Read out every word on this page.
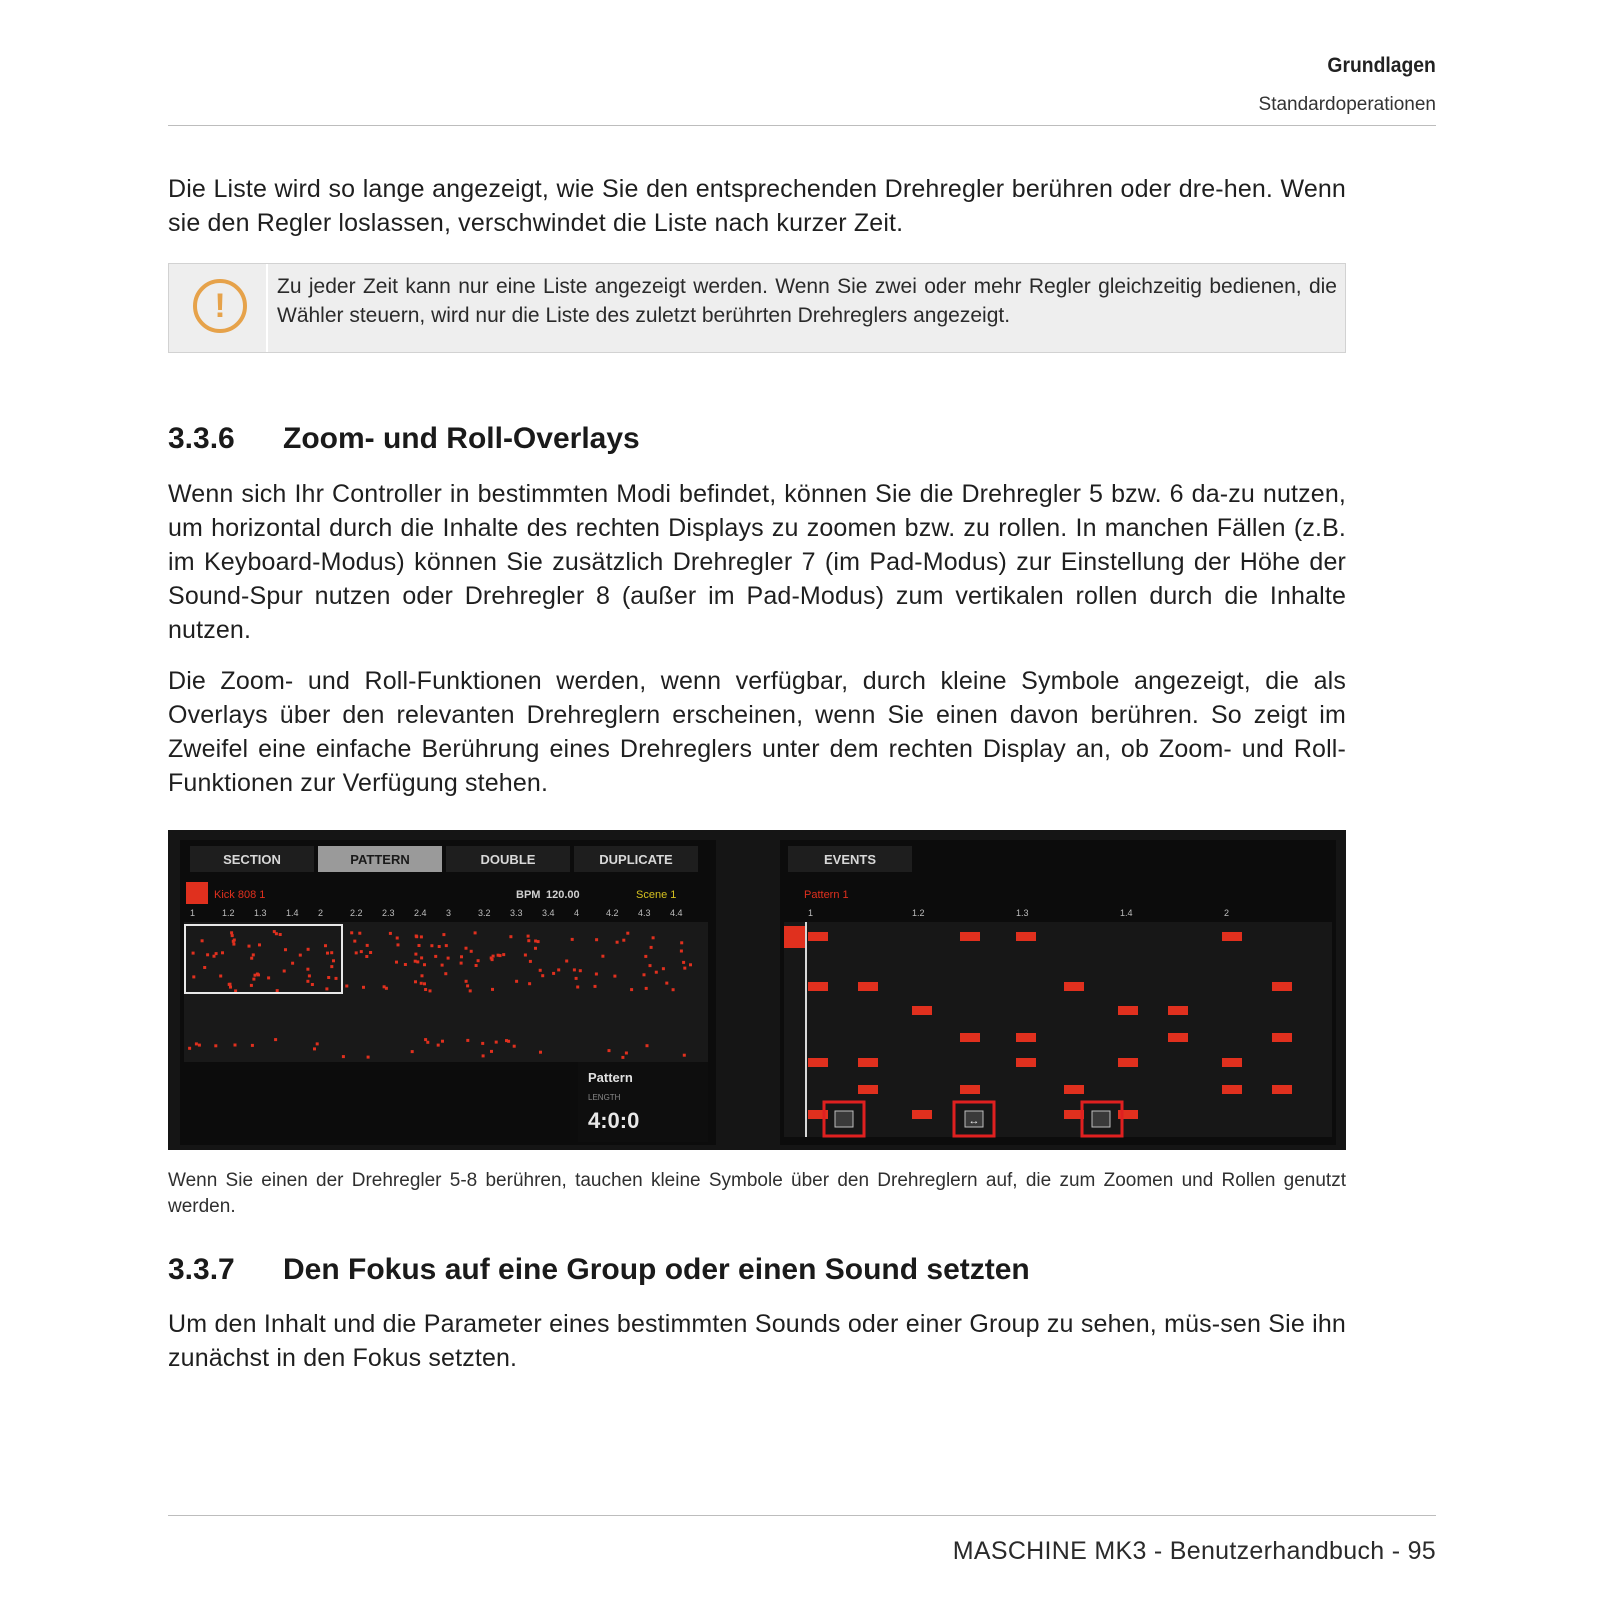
Grundlagen
Standardoperationen

Die Liste wird so lange angezeigt, wie Sie den entsprechenden Drehregler berühren oder dre-hen. Wenn sie den Regler loslassen, verschwindet die Liste nach kurzer Zeit.

!
Zu jeder Zeit kann nur eine Liste angezeigt werden. Wenn Sie zwei oder mehr Regler gleichzeitig bedienen, die Wähler steuern, wird nur die Liste des zuletzt berührten Drehreglers angezeigt.
3.3.6 Zoom- und Roll-Overlays

Wenn sich Ihr Controller in bestimmten Modi befindet, können Sie die Drehregler 5 bzw. 6 da-zu nutzen, um horizontal durch die Inhalte des rechten Displays zu zoomen bzw. zu rollen. In manchen Fällen (z.B. im Keyboard-Modus) können Sie zusätzlich Drehregler 7 (im Pad-Modus) zur Einstellung der Höhe der Sound-Spur nutzen oder Drehregler 8 (außer im Pad-Modus) zum vertikalen rollen durch die Inhalte nutzen.

Die Zoom- und Roll-Funktionen werden, wenn verfügbar, durch kleine Symbole angezeigt, die als Overlays über den relevanten Drehreglern erscheinen, wenn Sie einen davon berühren. So zeigt im Zweifel eine einfache Berührung eines Drehreglers unter dem rechten Display an, ob Zoom- und Roll-Funktionen zur Verfügung stehen.

SECTION	PATTERN	DOUBLE	DUPLICATE
Kick 808 1	BPM 120.00	Scene 1
1	1.2 1.3 1.4 2	2.2 2.3 2.4 3	3.2 3.3 3.4 4	4.2 4.3 4.4
Pattern
LENGTH
4:0:0
EVENTS
Pattern 1
1	1.2	1.3	1.4	2
↔
Wenn Sie einen der Drehregler 5-8 berühren, tauchen kleine Symbole über den Drehreglern auf, die zum Zoomen und Rollen genutzt werden.
3.3.7 Den Fokus auf eine Group oder einen Sound setzten

Um den Inhalt und die Parameter eines bestimmten Sounds oder einer Group zu sehen, müs-sen Sie ihn zunächst in den Fokus setzten.

MASCHINE MK3 - Benutzerhandbuch - 95
